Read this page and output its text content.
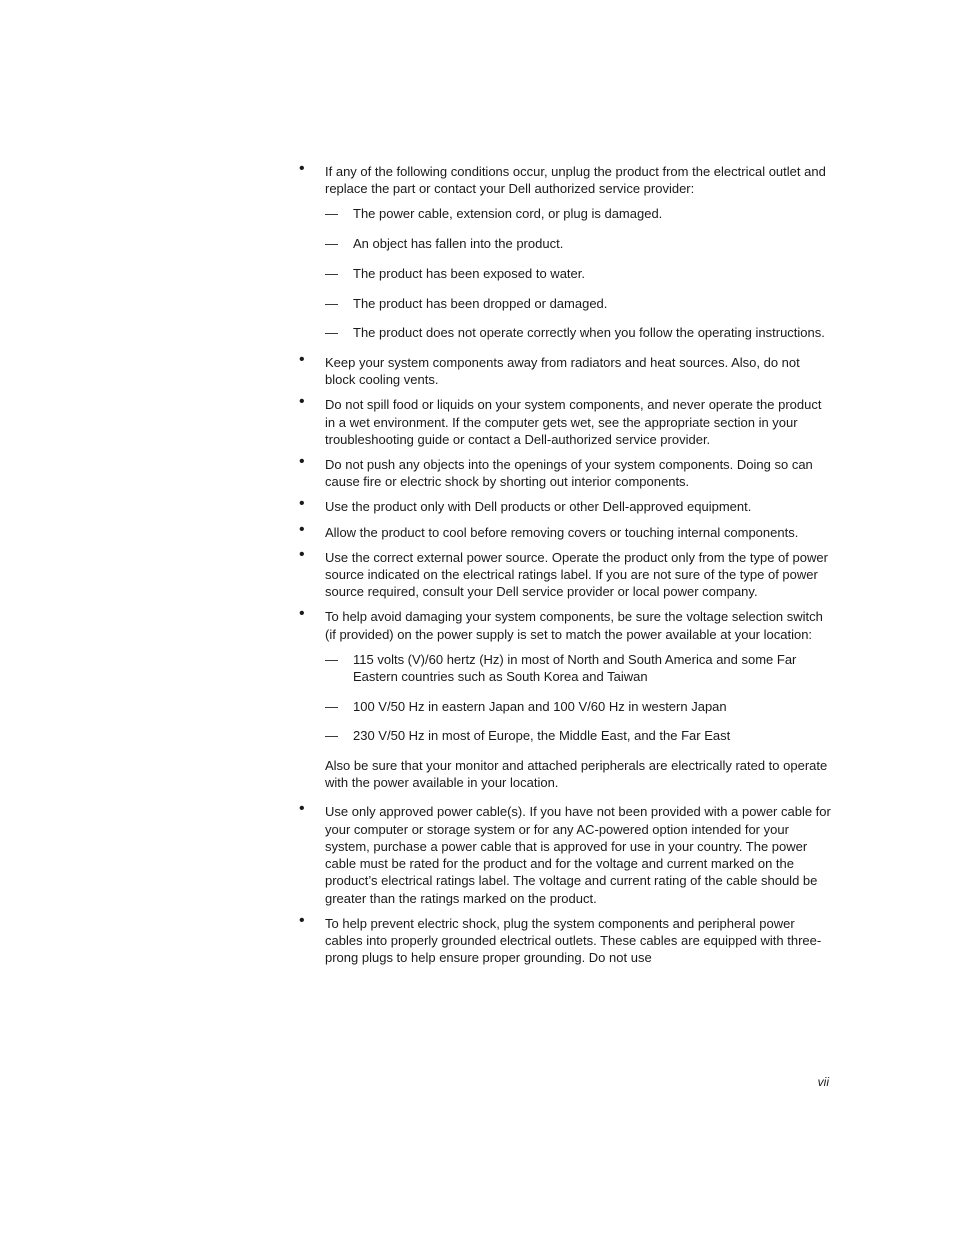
• If any of the following conditions occur, unplug the product from the electrical outlet and replace the part or contact your Dell authorized service provider:
— The power cable, extension cord, or plug is damaged.
— An object has fallen into the product.
— The product has been exposed to water.
— The product has been dropped or damaged.
— The product does not operate correctly when you follow the operating instructions.
• Keep your system components away from radiators and heat sources. Also, do not block cooling vents.
• Do not spill food or liquids on your system components, and never operate the product in a wet environment. If the computer gets wet, see the appropriate section in your troubleshooting guide or contact a Dell-authorized service provider.
• Do not push any objects into the openings of your system components. Doing so can cause fire or electric shock by shorting out interior components.
• Use the product only with Dell products or other Dell-approved equipment.
• Allow the product to cool before removing covers or touching internal components.
• Use the correct external power source. Operate the product only from the type of power source indicated on the electrical ratings label. If you are not sure of the type of power source required, consult your Dell service provider or local power company.
• To help avoid damaging your system components, be sure the voltage selection switch (if provided) on the power supply is set to match the power available at your location:
— 115 volts (V)/60 hertz (Hz) in most of North and South America and some Far Eastern countries such as South Korea and Taiwan
— 100 V/50 Hz in eastern Japan and 100 V/60 Hz in western Japan
— 230 V/50 Hz in most of Europe, the Middle East, and the Far East
Also be sure that your monitor and attached peripherals are electrically rated to operate with the power available in your location.
• Use only approved power cable(s). If you have not been provided with a power cable for your computer or storage system or for any AC-powered option intended for your system, purchase a power cable that is approved for use in your country. The power cable must be rated for the product and for the voltage and current marked on the product’s electrical ratings label. The voltage and current rating of the cable should be greater than the ratings marked on the product.
• To help prevent electric shock, plug the system components and peripheral power cables into properly grounded electrical outlets. These cables are equipped with three-prong plugs to help ensure proper grounding. Do not use
vii
